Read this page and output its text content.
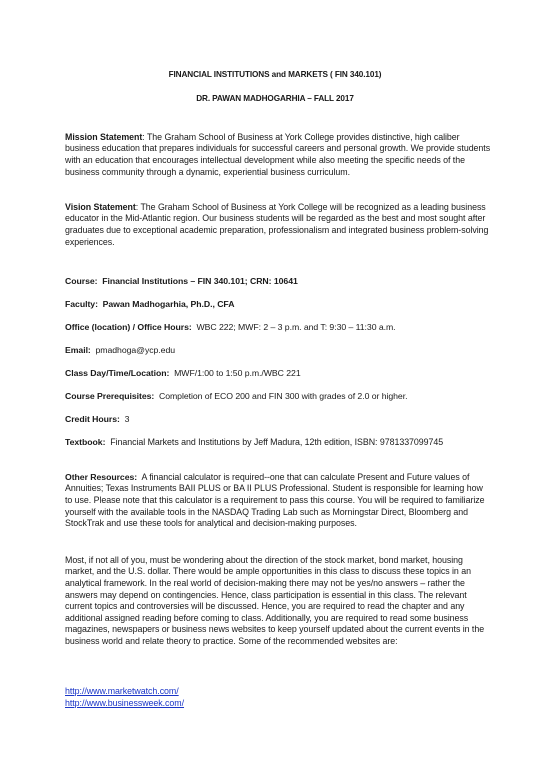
FINANCIAL INSTITUTIONS and MARKETS ( FIN 340.101)
DR. PAWAN MADHOGARHIA – FALL 2017

Mission Statement: The Graham School of Business at York College provides distinctive, high caliber business education that prepares individuals for successful careers and personal growth. We provide students with an education that encourages intellectual development while also meeting the specific needs of the business community through a dynamic, experiential business curriculum.

Vision Statement: The Graham School of Business at York College will be recognized as a leading business educator in the Mid-Atlantic region. Our business students will be regarded as the best and most sought after graduates due to exceptional academic preparation, professionalism and integrated business problem-solving experiences.

Course: Financial Institutions – FIN 340.101; CRN: 10641

Faculty: Pawan Madhogarhia, Ph.D., CFA

Office (location) / Office Hours: WBC 222; MWF: 2 – 3 p.m. and T: 9:30 – 11:30 a.m.

Email: pmadhoga@ycp.edu

Class Day/Time/Location: MWF/1:00 to 1:50 p.m./WBC 221

Course Prerequisites: Completion of ECO 200 and FIN 300 with grades of 2.0 or higher.

Credit Hours: 3

Textbook: Financial Markets and Institutions by Jeff Madura, 12th edition, ISBN: 9781337099745

Other Resources: A financial calculator is required--one that can calculate Present and Future values of Annuities; Texas Instruments BAII PLUS or BA II PLUS Professional. Student is responsible for learning how to use. Please note that this calculator is a requirement to pass this course. You will be required to familiarize yourself with the available tools in the NASDAQ Trading Lab such as Morningstar Direct, Bloomberg and StockTrak and use these tools for analytical and decision-making purposes.

Most, if not all of you, must be wondering about the direction of the stock market, bond market, housing market, and the U.S. dollar. There would be ample opportunities in this class to discuss these topics in an analytical framework. In the real world of decision-making there may not be yes/no answers – rather the answers may depend on contingencies. Hence, class participation is essential in this class. The relevant current topics and controversies will be discussed. Hence, you are required to read the chapter and any additional assigned reading before coming to class. Additionally, you are required to read some business magazines, newspapers or business news websites to keep yourself updated about the current events in the business world and relate theory to practice. Some of the recommended websites are:

http://www.marketwatch.com/
http://www.businessweek.com/
